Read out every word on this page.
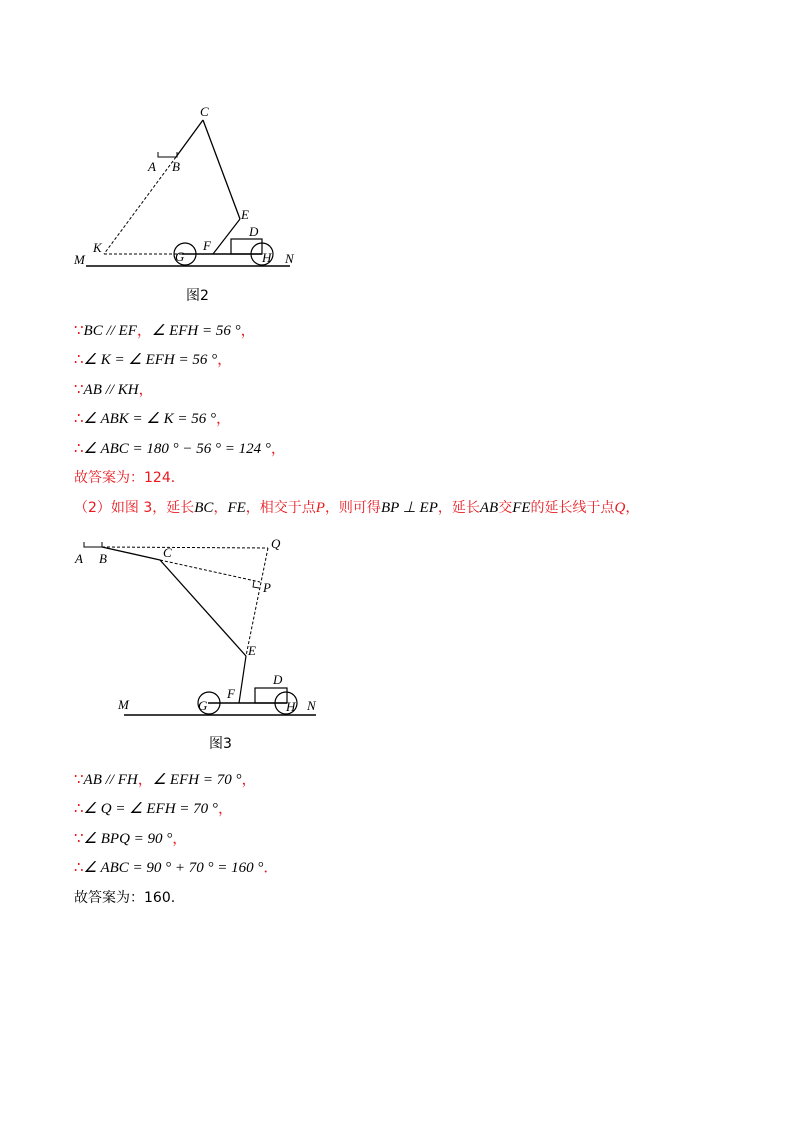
C
A B
E
D
F
K
G	H
M	N
图2
∵BC // EF，∠ EFH = 56 °，
∴∠ K = ∠ EFH = 56 °，
∵AB // KH，
∴∠ ABK = ∠ K = 56 °，
∴∠ ABC = 180 ° − 56 ° = 124 °，
故答案为：124．
（2）如图 3，延长BC，FE，相交于点P，则可得BP ⊥ EP，延长AB交FE的延长线于点Q，
A B	C
Q
P
E
D
F
G	H
M	N
图3
∵AB // FH，∠ EFH = 70 °，
∴∠ Q = ∠ EFH = 70 °，
∵∠ BPQ = 90 °，
∴∠ ABC = 90 ° + 70 ° = 160 °．
故答案为：160.
